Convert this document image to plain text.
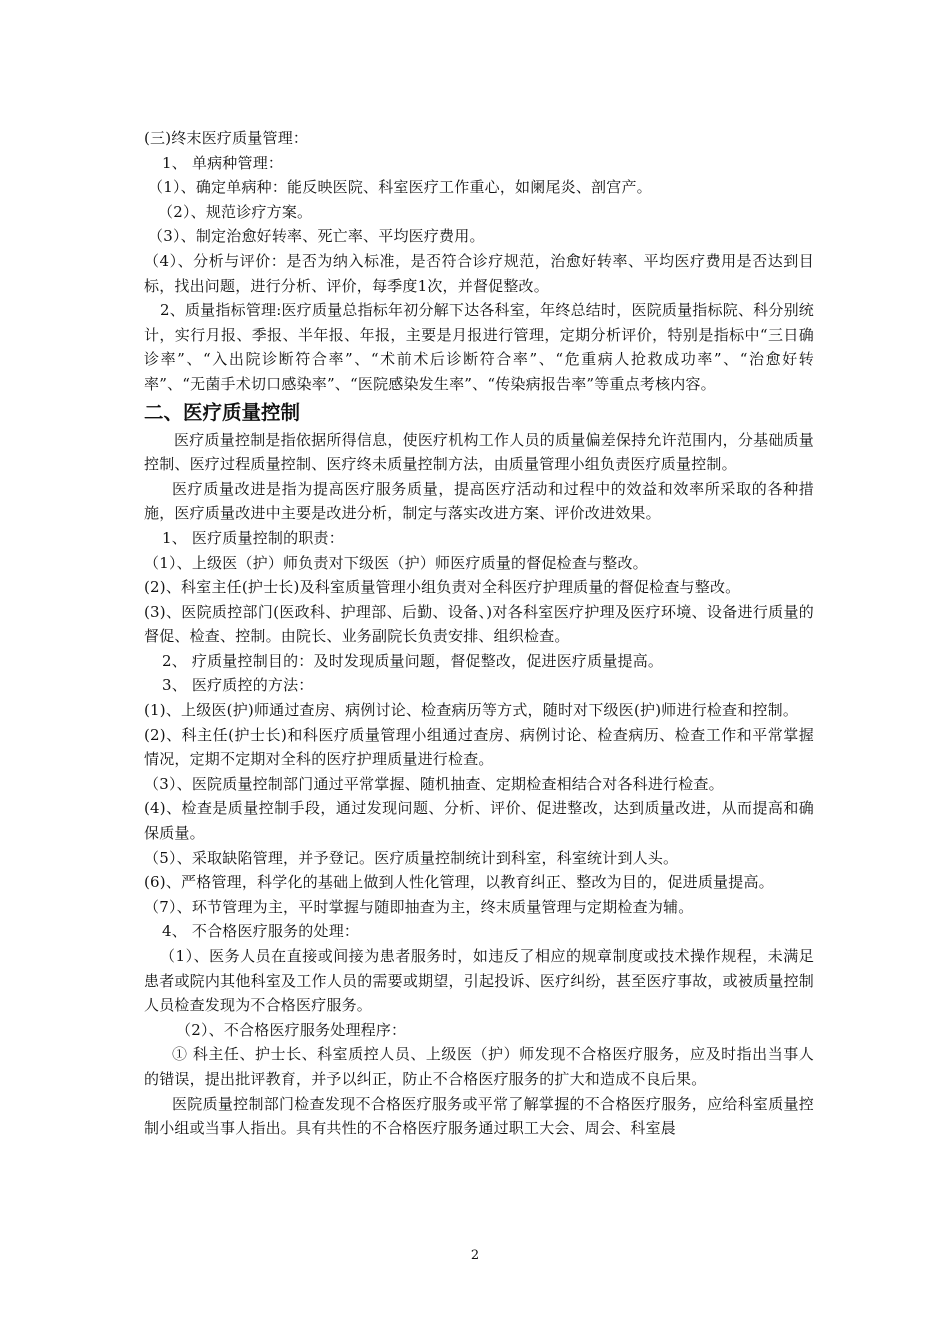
(三)终末医疗质量管理：
1、 单病种管理：
（1）、确定单病种：能反映医院、科室医疗工作重心，如阑尾炎、剖宫产。
（2）、规范诊疗方案。
（3）、制定治愈好转率、死亡率、平均医疗费用。
（4）、分析与评价：是否为纳入标准，是否符合诊疗规范，治愈好转率、平均医疗费用是否达到目标，找出问题，进行分析、评价，每季度1次，并督促整改。
2、质量指标管理:医疗质量总指标年初分解下达各科室，年终总结时，医院质量指标院、科分别统计，实行月报、季报、半年报、年报，主要是月报进行管理，定期分析评价，特别是指标中“三日确诊率”、“入出院诊断符合率”、“术前术后诊断符合率”、“危重病人抢救成功率”、“治愈好转率”、“无菌手术切口感染率”、“医院感染发生率”、“传染病报告率”等重点考核内容。
二、医疗质量控制
医疗质量控制是指依据所得信息，使医疗机构工作人员的质量偏差保持允许范围内，分基础质量控制、医疗过程质量控制、医疗终未质量控制方法，由质量管理小组负责医疗质量控制。
医疗质量改进是指为提高医疗服务质量，提高医疗活动和过程中的效益和效率所采取的各种措施，医疗质量改进中主要是改进分析，制定与落实改进方案、评价改进效果。
1、 医疗质量控制的职责：
（1）、上级医（护）师负责对下级医（护）师医疗质量的督促检查与整改。
(2)、科室主任(护士长)及科室质量管理小组负责对全科医疗护理质量的督促检查与整改。
(3)、医院质控部门(医政科、护理部、后勤、设备、)对各科室医疗护理及医疗环境、设备进行质量的督促、检查、控制。由院长、业务副院长负责安排、组织检查。
2、 疗质量控制目的：及时发现质量问题，督促整改，促进医疗质量提高。
3、 医疗质控的方法：
(1)、上级医(护)师通过查房、病例讨论、检查病历等方式，随时对下级医(护)师进行检查和控制。
(2)、科主任(护士长)和科医疗质量管理小组通过查房、病例讨论、检查病历、检查工作和平常掌握情况，定期不定期对全科的医疗护理质量进行检查。
（3）、医院质量控制部门通过平常掌握、随机抽查、定期检查相结合对各科进行检查。
(4)、检查是质量控制手段，通过发现问题、分析、评价、促进整改，达到质量改进，从而提高和确保质量。
（5）、采取缺陷管理，并予登记。医疗质量控制统计到科室，科室统计到人头。
(6)、严格管理，科学化的基础上做到人性化管理，以教育纠正、整改为目的，促进质量提高。
（7）、环节管理为主，平时掌握与随即抽查为主，终末质量管理与定期检查为辅。
4、 不合格医疗服务的处理：
（1）、医务人员在直接或间接为患者服务时，如违反了相应的规章制度或技术操作规程，未满足患者或院内其他科室及工作人员的需要或期望，引起投诉、医疗纠纷，甚至医疗事故，或被质量控制人员检查发现为不合格医疗服务。
（2）、不合格医疗服务处理程序：
① 科主任、护士长、科室质控人员、上级医（护）师发现不合格医疗服务，应及时指出当事人的错误，提出批评教育，并予以纠正，防止不合格医疗服务的扩大和造成不良后果。
医院质量控制部门检查发现不合格医疗服务或平常了解掌握的不合格医疗服务，应给科室质量控制小组或当事人指出。具有共性的不合格医疗服务通过职工大会、周会、科室晨
2
